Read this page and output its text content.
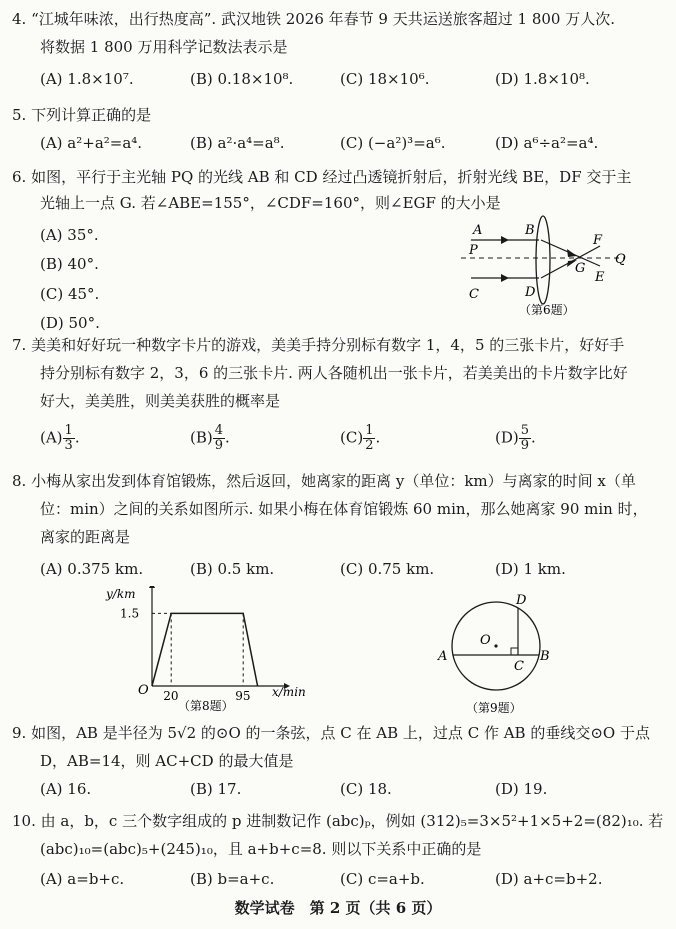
4. “江城年味浓，出行热度高”. 武汉地铁 2026 年春节 9 天共运送旅客超过 1 800 万人次.
将数据 1 800 万用科学记数法表示是
(A) 1.8×10⁷.	(B) 0.18×10⁸.	(C) 18×10⁶.	(D) 1.8×10⁸.
5. 下列计算正确的是
(A) a²+a²=a⁴.	(B) a²·a⁴=a⁸.	(C) (−a²)³=a⁶.	(D) a⁶÷a²=a⁴.
6. 如图，平行于主光轴 PQ 的光线 AB 和 CD 经过凸透镜折射后，折射光线 BE，DF 交于主
光轴上一点 G. 若∠ABE=155°，∠CDF=160°，则∠EGF 的大小是
(A) 35°.
(B) 40°.
(C) 45°.
(D) 50°.
A
P
C
B
D
F
G
E
Q
（第6题）
7. 美美和好好玩一种数字卡片的游戏，美美手持分别标有数字 1，4，5 的三张卡片，好好手
持分别标有数字 2，3，6 的三张卡片. 两人各随机出一张卡片，若美美出的卡片数字比好
好大，美美胜，则美美获胜的概率是
$(A) \frac{1}{3}$ .	$(B) \frac{4}{9}$ .	$(C) \frac{1}{2}$ .	$(D) \frac{5}{9}$ .
8. 小梅从家出发到体育馆锻炼，然后返回，她离家的距离 y（单位：km）与离家的时间 x（单
位：min）之间的关系如图所示. 如果小梅在体育馆锻炼 60 min，那么她离家 90 min 时，
离家的距离是
(A) 0.375 km.	(B) 0.5 km.	(C) 0.75 km.	(D) 1 km.
1.5
20	95
y/km
x/min
O
（第8题）
O
A	B
C
D
（第9题）
9. 如图，AB 是半径为 5√2 的⊙O 的一条弦，点 C 在 AB 上，过点 C 作 AB 的垂线交⊙O 于点
D，AB=14，则 AC+CD 的最大值是
(A) 16.	(B) 17.	(C) 18.	(D) 19.
10. 由 a，b，c 三个数字组成的 p 进制数记作 (abc)ₚ，例如 (312)₅=3×5²+1×5+2=(82)₁₀. 若
(abc)₁₀=(abc)₅+(245)₁₀，且 a+b+c=8. 则以下关系中正确的是
(A) a=b+c.	(B) b=a+c.	(C) c=a+b.	(D) a+c=b+2.
数学试卷　第 2 页（共 6 页）
